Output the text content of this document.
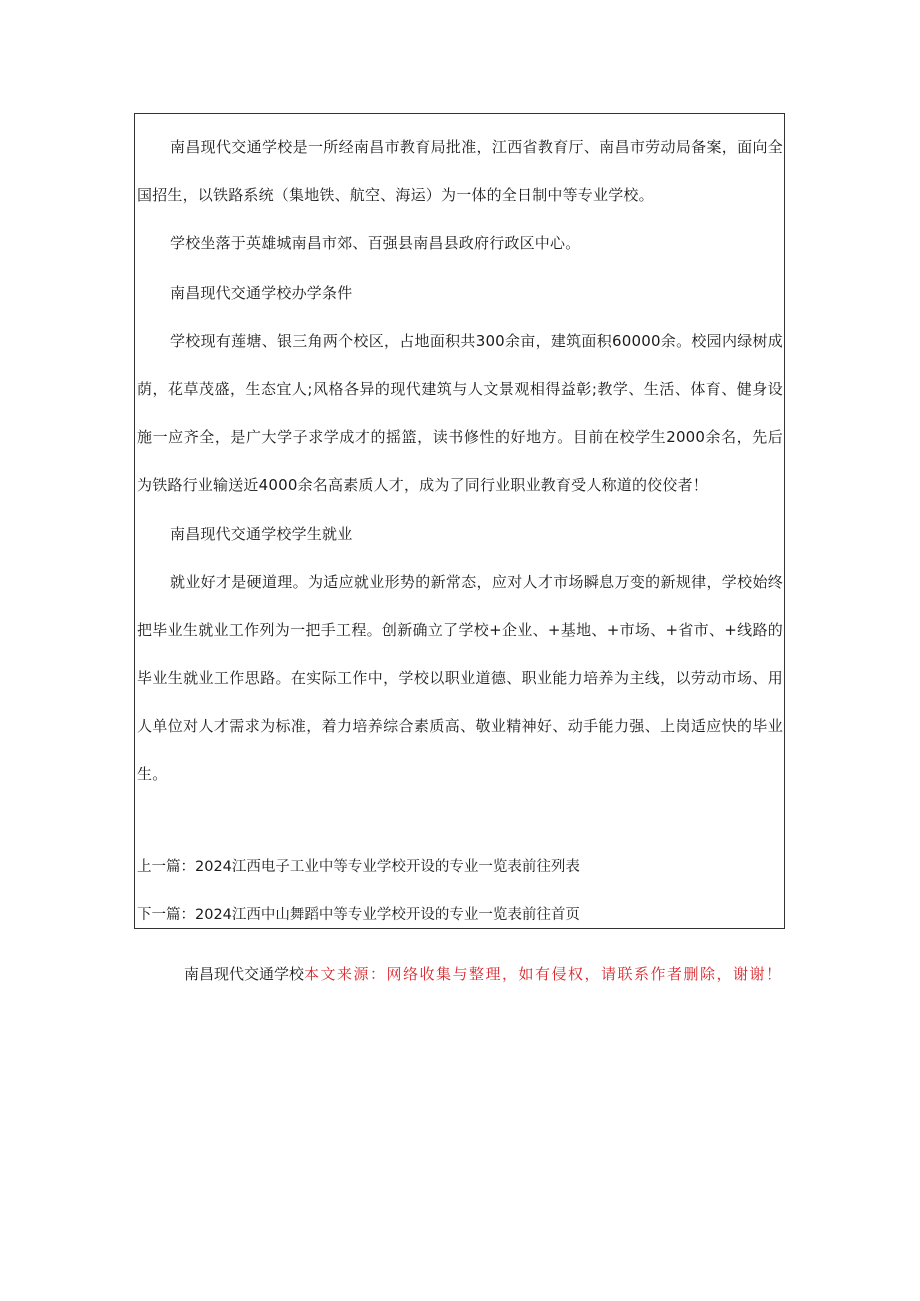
南昌现代交通学校是一所经南昌市教育局批准，江西省教育厅、南昌市劳动局备案，面向全国招生，以铁路系统（集地铁、航空、海运）为一体的全日制中等专业学校。

学校坐落于英雄城南昌市郊、百强县南昌县政府行政区中心。

南昌现代交通学校办学条件

学校现有莲塘、银三角两个校区，占地面积共300余亩，建筑面积60000余。校园内绿树成荫，花草茂盛，生态宜人;风格各异的现代建筑与人文景观相得益彰;教学、生活、体育、健身设施一应齐全，是广大学子求学成才的摇篮，读书修性的好地方。目前在校学生2000余名，先后为铁路行业输送近4000余名高素质人才，成为了同行业职业教育受人称道的佼佼者！

南昌现代交通学校学生就业

就业好才是硬道理。为适应就业形势的新常态，应对人才市场瞬息万变的新规律，学校始终把毕业生就业工作列为一把手工程。创新确立了学校+企业、+基地、+市场、+省市、+线路的毕业生就业工作思路。在实际工作中，学校以职业道德、职业能力培养为主线，以劳动市场、用人单位对人才需求为标准，着力培养综合素质高、敬业精神好、动手能力强、上岗适应快的毕业生。

上一篇：2024江西电子工业中等专业学校开设的专业一览表前往列表
下一篇：2024江西中山舞蹈中等专业学校开设的专业一览表前往首页
南昌现代交通学校本文来源：网络收集与整理，如有侵权，请联系作者删除，谢谢！
